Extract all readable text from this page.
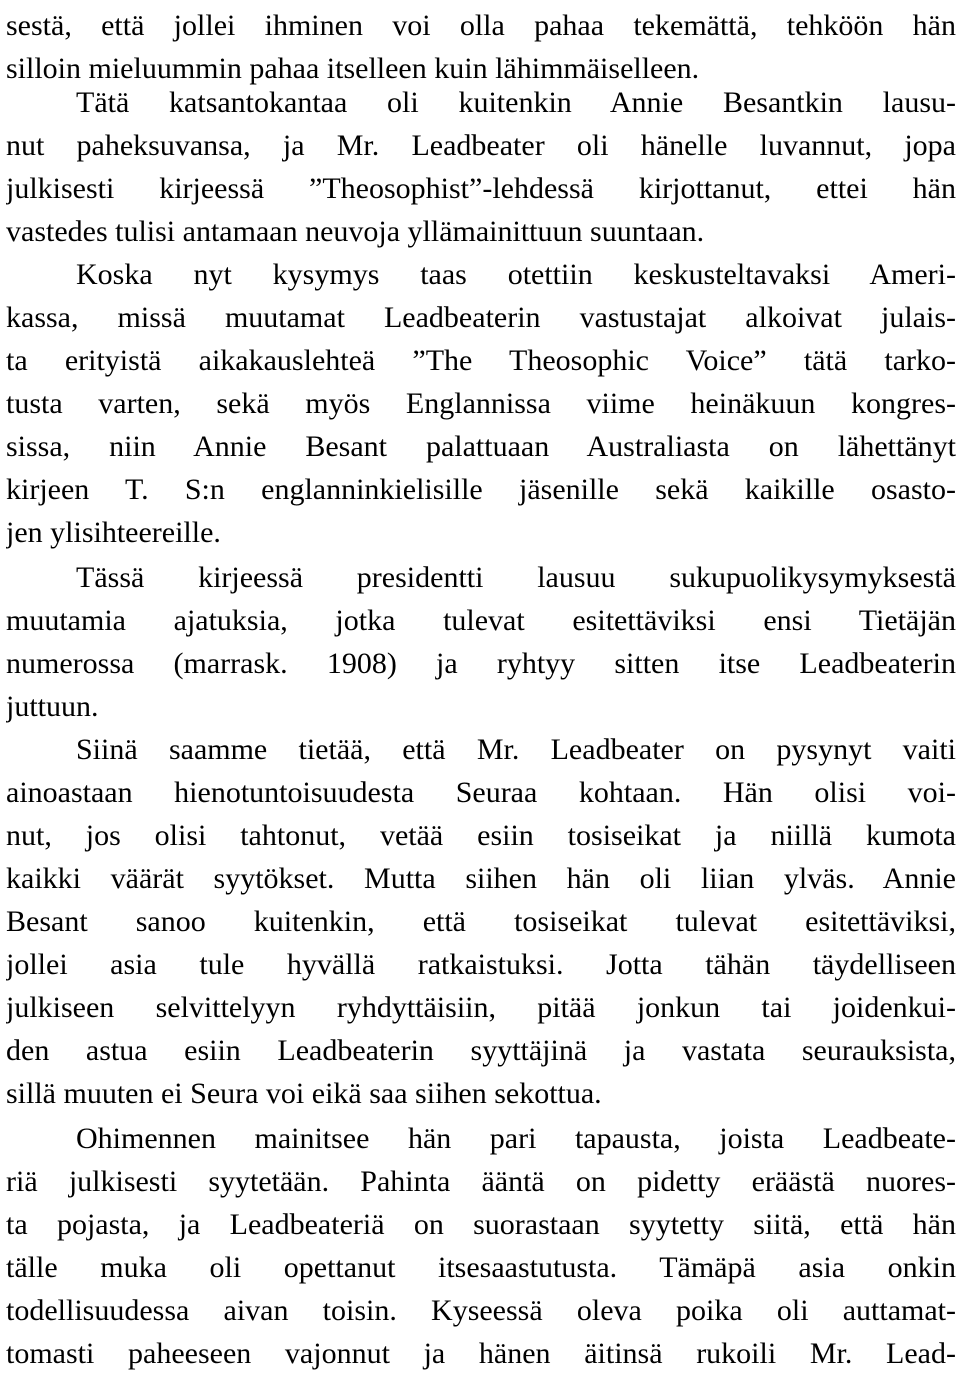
sestä, että jollei ihminen voi olla pahaa tekemättä, tehköön hän
silloin mieluummin pahaa itselleen kuin lähimmäiselleen.
Tätä katsantokantaa oli kuitenkin Annie Besantkin lausu-
nut paheksuvansa, ja Mr. Leadbeater oli hänelle luvannut, jopa
julkisesti kirjeessä ”Theosophist”-lehdessä kirjottanut, ettei hän
vastedes tulisi antamaan neuvoja yllämainittuun suuntaan.
Koska nyt kysymys taas otettiin keskusteltavaksi Ameri-
kassa, missä muutamat Leadbeaterin vastustajat alkoivat julais-
ta erityistä aikakauslehteä ”The Theosophic Voice” tätä tarko-
tusta varten, sekä myös Englannissa viime heinäkuun kongres-
sissa, niin Annie Besant palattuaan Australiasta on lähettänyt
kirjeen T. S:n englanninkielisille jäsenille sekä kaikille osasto-
jen ylisihteereille.
Tässä kirjeessä presidentti lausuu sukupuolikysymyksestä
muutamia ajatuksia, jotka tulevat esitettäviksi ensi Tietäjän
numerossa (marrask. 1908) ja ryhtyy sitten itse Leadbeaterin
juttuun.
Siinä saamme tietää, että Mr. Leadbeater on pysynyt vaiti
ainoastaan hienotuntoisuudesta Seuraa kohtaan. Hän olisi voi-
nut, jos olisi tahtonut, vetää esiin tosiseikat ja niillä kumota
kaikki väärät syytökset. Mutta siihen hän oli liian ylväs. Annie
Besant sanoo kuitenkin, että tosiseikat tulevat esitettäviksi,
jollei asia tule hyvällä ratkaistuksi. Jotta tähän täydelliseen
julkiseen selvittelyyn ryhdyttäisiin, pitää jonkun tai joidenkui-
den astua esiin Leadbeaterin syyttäjinä ja vastata seurauksista,
sillä muuten ei Seura voi eikä saa siihen sekottua.
Ohimennen mainitsee hän pari tapausta, joista Leadbeate-
riä julkisesti syytetään. Pahinta ääntä on pidetty eräästä nuores-
ta pojasta, ja Leadbeateriä on suorastaan syytetty siitä, että hän
tälle muka oli opettanut itsesaastutusta. Tämäpä asia onkin
todellisuudessa aivan toisin. Kyseessä oleva poika oli auttamat-
tomasti paheeseen vajonnut ja hänen äitinsä rukoili Mr. Lead-
